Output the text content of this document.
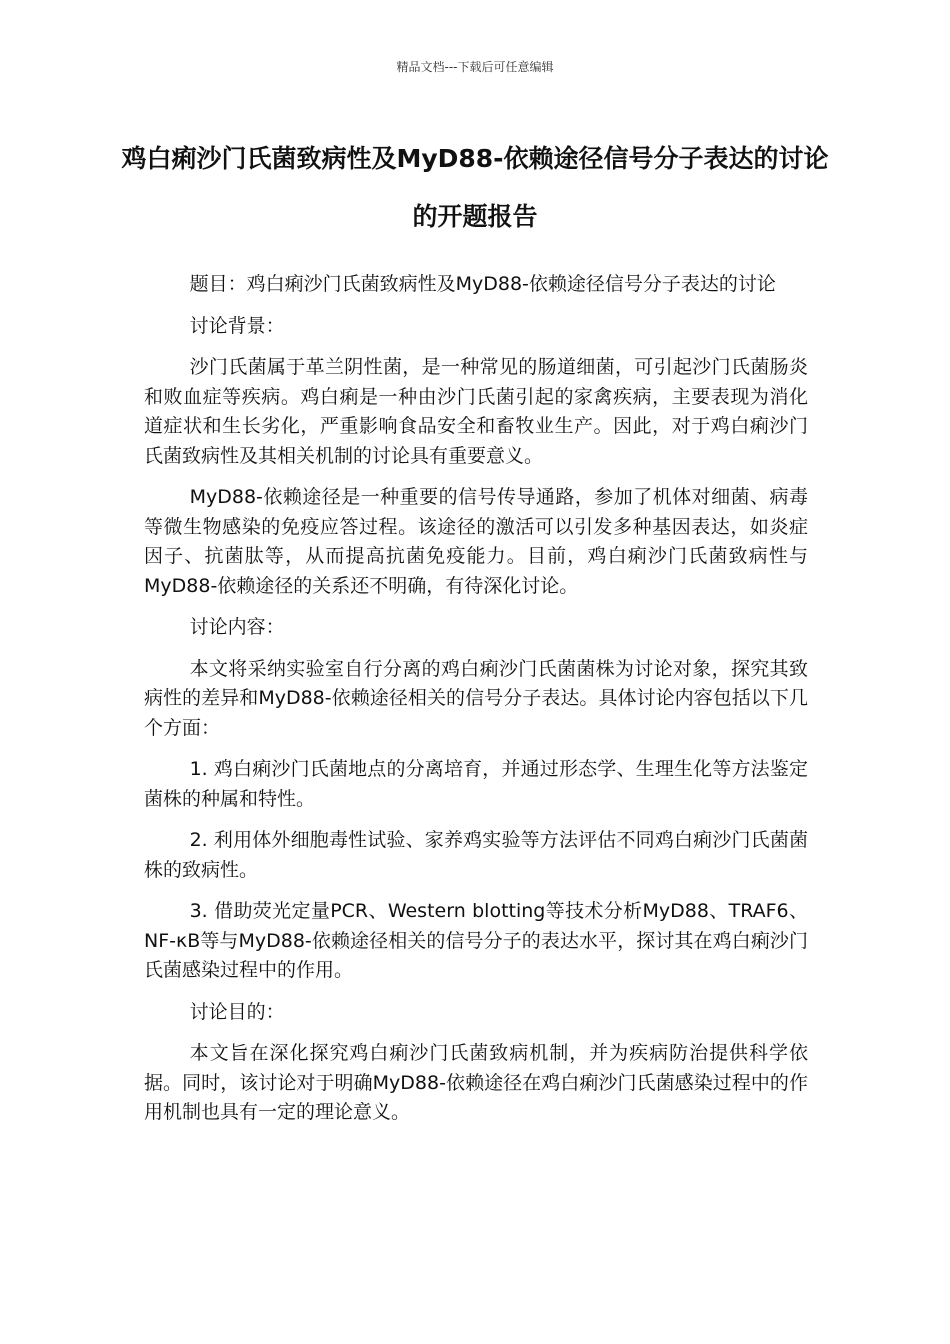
精品文档---下载后可任意编辑
鸡白痢沙门氏菌致病性及MyD88-依赖途径信号分子表达的讨论的开题报告

题目：鸡白痢沙门氏菌致病性及MyD88-依赖途径信号分子表达的讨论

讨论背景：

沙门氏菌属于革兰阴性菌，是一种常见的肠道细菌，可引起沙门氏菌肠炎和败血症等疾病。鸡白痢是一种由沙门氏菌引起的家禽疾病，主要表现为消化道症状和生长劣化，严重影响食品安全和畜牧业生产。因此，对于鸡白痢沙门氏菌致病性及其相关机制的讨论具有重要意义。

MyD88-依赖途径是一种重要的信号传导通路，参加了机体对细菌、病毒等微生物感染的免疫应答过程。该途径的激活可以引发多种基因表达，如炎症因子、抗菌肽等，从而提高抗菌免疫能力。目前，鸡白痢沙门氏菌致病性与MyD88-依赖途径的关系还不明确，有待深化讨论。

讨论内容：

本文将采纳实验室自行分离的鸡白痢沙门氏菌菌株为讨论对象，探究其致病性的差异和MyD88-依赖途径相关的信号分子表达。具体讨论内容包括以下几个方面：

1. 鸡白痢沙门氏菌地点的分离培育，并通过形态学、生理生化等方法鉴定菌株的种属和特性。

2. 利用体外细胞毒性试验、家养鸡实验等方法评估不同鸡白痢沙门氏菌菌株的致病性。

3. 借助荧光定量PCR、Western blotting等技术分析MyD88、TRAF6、NF-κB等与MyD88-依赖途径相关的信号分子的表达水平，探讨其在鸡白痢沙门氏菌感染过程中的作用。

讨论目的：

本文旨在深化探究鸡白痢沙门氏菌致病机制，并为疾病防治提供科学依据。同时，该讨论对于明确MyD88-依赖途径在鸡白痢沙门氏菌感染过程中的作用机制也具有一定的理论意义。
